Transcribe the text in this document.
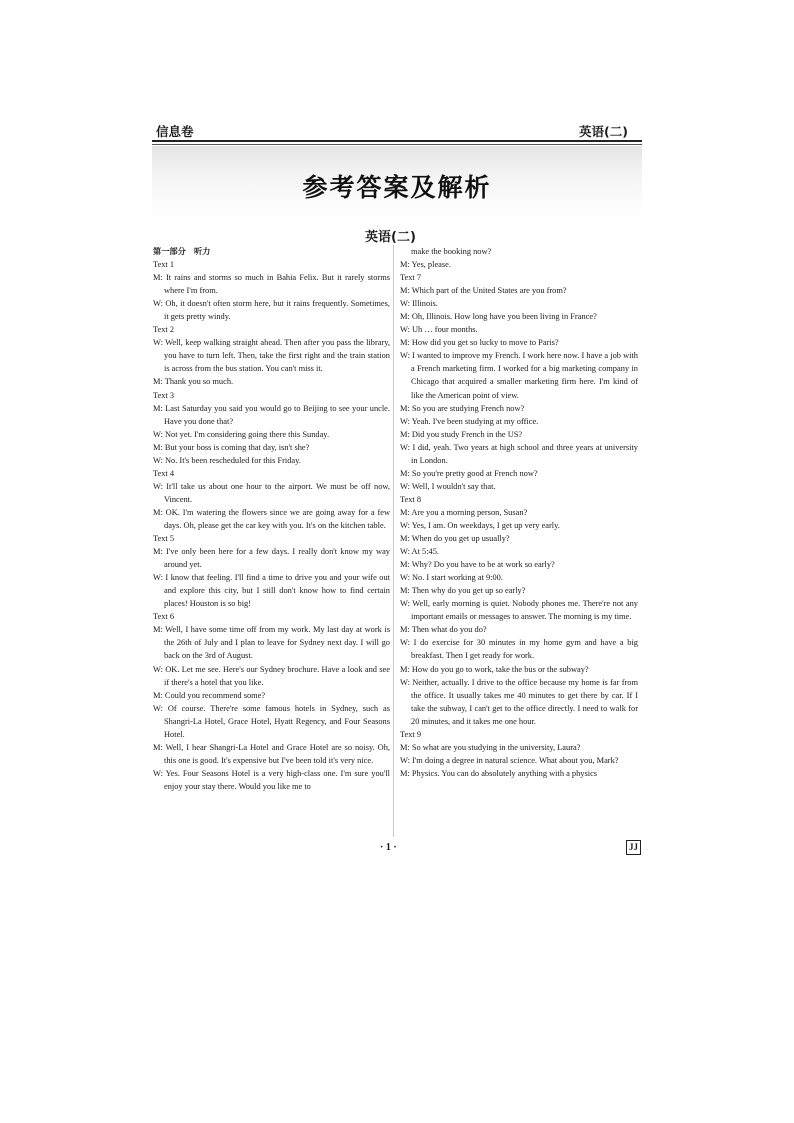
信息卷	英语(二)
参考答案及解析
英语(二)

第一部分　听力

Text 1

M: It rains and storms so much in Bahia Felix. But it rarely storms where I'm from.

W: Oh, it doesn't often storm here, but it rains frequently. Sometimes, it gets pretty windy.

Text 2

W: Well, keep walking straight ahead. Then after you pass the library, you have to turn left. Then, take the first right and the train station is across from the bus station. You can't miss it.

M: Thank you so much.

Text 3

M: Last Saturday you said you would go to Beijing to see your uncle. Have you done that?

W: Not yet. I'm considering going there this Sunday.

M: But your boss is coming that day, isn't she?

W: No. It's been rescheduled for this Friday.

Text 4

W: It'll take us about one hour to the airport. We must be off now, Vincent.

M: OK. I'm watering the flowers since we are going away for a few days. Oh, please get the car key with you. It's on the kitchen table.

Text 5

M: I've only been here for a few days. I really don't know my way around yet.

W: I know that feeling. I'll find a time to drive you and your wife out and explore this city, but I still don't know how to find certain places! Houston is so big!

Text 6

M: Well, I have some time off from my work. My last day at work is the 26th of July and I plan to leave for Sydney next day. I will go back on the 3rd of August.

W: OK. Let me see. Here's our Sydney brochure. Have a look and see if there's a hotel that you like.

M: Could you recommend some?

W: Of course. There're some famous hotels in Sydney, such as Shangri-La Hotel, Grace Hotel, Hyatt Regency, and Four Seasons Hotel.

M: Well, I hear Shangri-La Hotel and Grace Hotel are so noisy. Oh, this one is good. It's expensive but I've been told it's very nice.

W: Yes. Four Seasons Hotel is a very high-class one. I'm sure you'll enjoy your stay there. Would you like me to

make the booking now?

M: Yes, please.

Text 7

M: Which part of the United States are you from?

W: Illinois.

M: Oh, Illinois. How long have you been living in France?

W: Uh … four months.

M: How did you get so lucky to move to Paris?

W: I wanted to improve my French. I work here now. I have a job with a French marketing firm. I worked for a big marketing company in Chicago that acquired a smaller marketing firm here. I'm kind of like the American point of view.

M: So you are studying French now?

W: Yeah. I've been studying at my office.

M: Did you study French in the US?

W: I did, yeah. Two years at high school and three years at university in London.

M: So you're pretty good at French now?

W: Well, I wouldn't say that.

Text 8

M: Are you a morning person, Susan?

W: Yes, I am. On weekdays, I get up very early.

M: When do you get up usually?

W: At 5:45.

M: Why? Do you have to be at work so early?

W: No. I start working at 9:00.

M: Then why do you get up so early?

W: Well, early morning is quiet. Nobody phones me. There're not any important emails or messages to answer. The morning is my time.

M: Then what do you do?

W: I do exercise for 30 minutes in my home gym and have a big breakfast. Then I get ready for work.

M: How do you go to work, take the bus or the subway?

W: Neither, actually. I drive to the office because my home is far from the office. It usually takes me 40 minutes to get there by car. If I take the subway, I can't get to the office directly. I need to walk for 20 minutes, and it takes me one hour.

Text 9

M: So what are you studying in the university, Laura?

W: I'm doing a degree in natural science. What about you, Mark?

M: Physics. You can do absolutely anything with a physics

· 1 ·	JJ
